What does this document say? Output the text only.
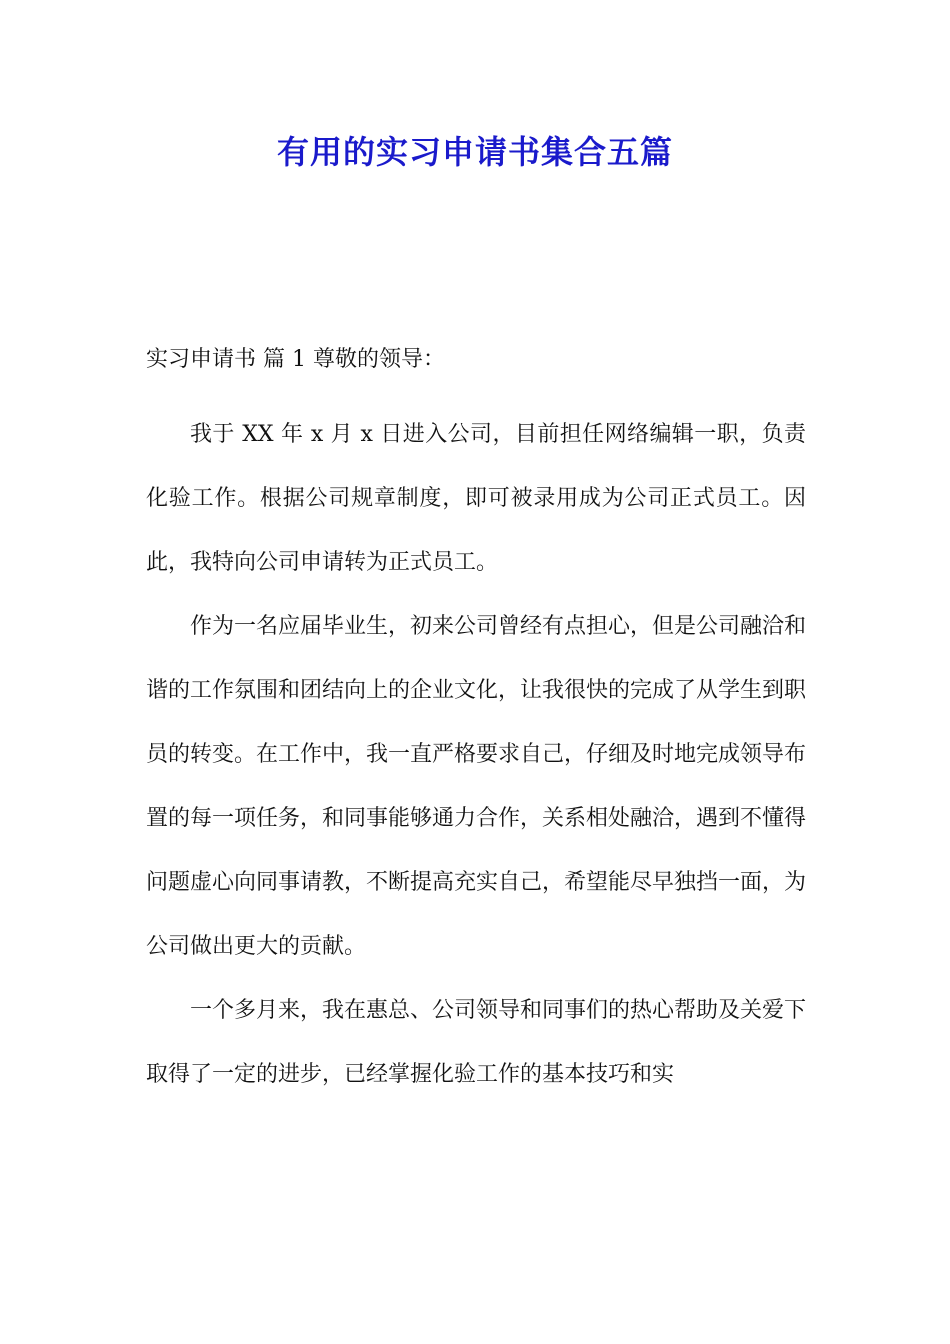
有用的实习申请书集合五篇
实习申请书 篇 1 尊敬的领导：

我于 XX 年 x 月 x 日进入公司，目前担任网络编辑一职，负责化验工作。根据公司规章制度，即可被录用成为公司正式员工。因此，我特向公司申请转为正式员工。

作为一名应届毕业生，初来公司曾经有点担心，但是公司融洽和谐的工作氛围和团结向上的企业文化，让我很快的完成了从学生到职员的转变。在工作中，我一直严格要求自己，仔细及时地完成领导布置的每一项任务，和同事能够通力合作，关系相处融洽，遇到不懂得问题虚心向同事请教，不断提高充实自己，希望能尽早独挡一面，为公司做出更大的贡献。

一个多月来，我在惠总、公司领导和同事们的热心帮助及关爱下取得了一定的进步，已经掌握化验工作的基本技巧和实
